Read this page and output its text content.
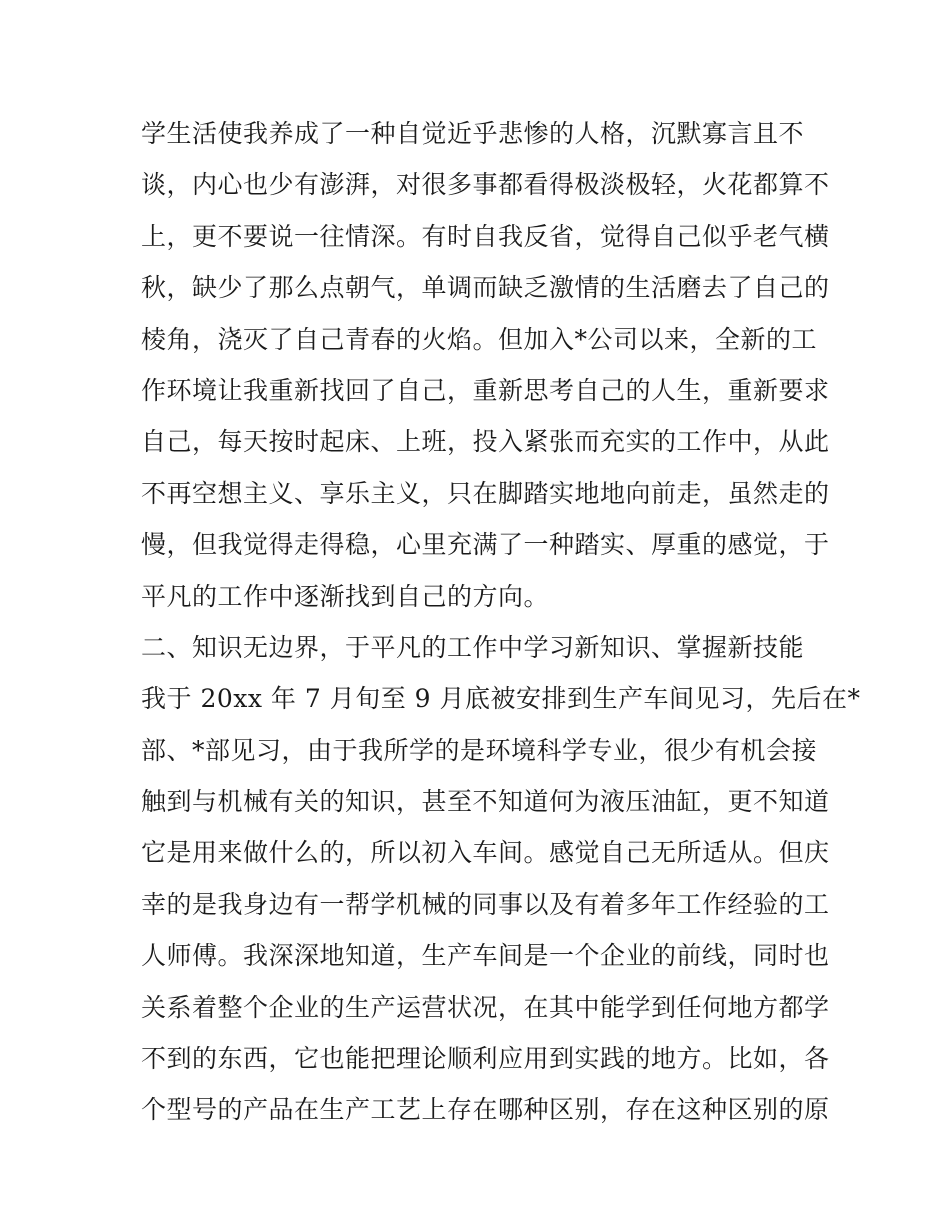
学生活使我养成了一种自觉近乎悲惨的人格，沉默寡言且不
谈，内心也少有澎湃，对很多事都看得极淡极轻，火花都算不
上，更不要说一往情深。有时自我反省，觉得自己似乎老气横
秋，缺少了那么点朝气，单调而缺乏激情的生活磨去了自己的
棱角，浇灭了自己青春的火焰。但加入*公司以来，全新的工
作环境让我重新找回了自己，重新思考自己的人生，重新要求
自己，每天按时起床、上班，投入紧张而充实的工作中，从此
不再空想主义、享乐主义，只在脚踏实地地向前走，虽然走的
慢，但我觉得走得稳，心里充满了一种踏实、厚重的感觉，于
平凡的工作中逐渐找到自己的方向。
二、知识无边界，于平凡的工作中学习新知识、掌握新技能
我于 20xx 年 7 月旬至 9 月底被安排到生产车间见习，先后在*
部、*部见习，由于我所学的是环境科学专业，很少有机会接
触到与机械有关的知识，甚至不知道何为液压油缸，更不知道
它是用来做什么的，所以初入车间。感觉自己无所适从。但庆
幸的是我身边有一帮学机械的同事以及有着多年工作经验的工
人师傅。我深深地知道，生产车间是一个企业的前线，同时也
关系着整个企业的生产运营状况，在其中能学到任何地方都学
不到的东西，它也能把理论顺利应用到实践的地方。比如，各
个型号的产品在生产工艺上存在哪种区别，存在这种区别的原
